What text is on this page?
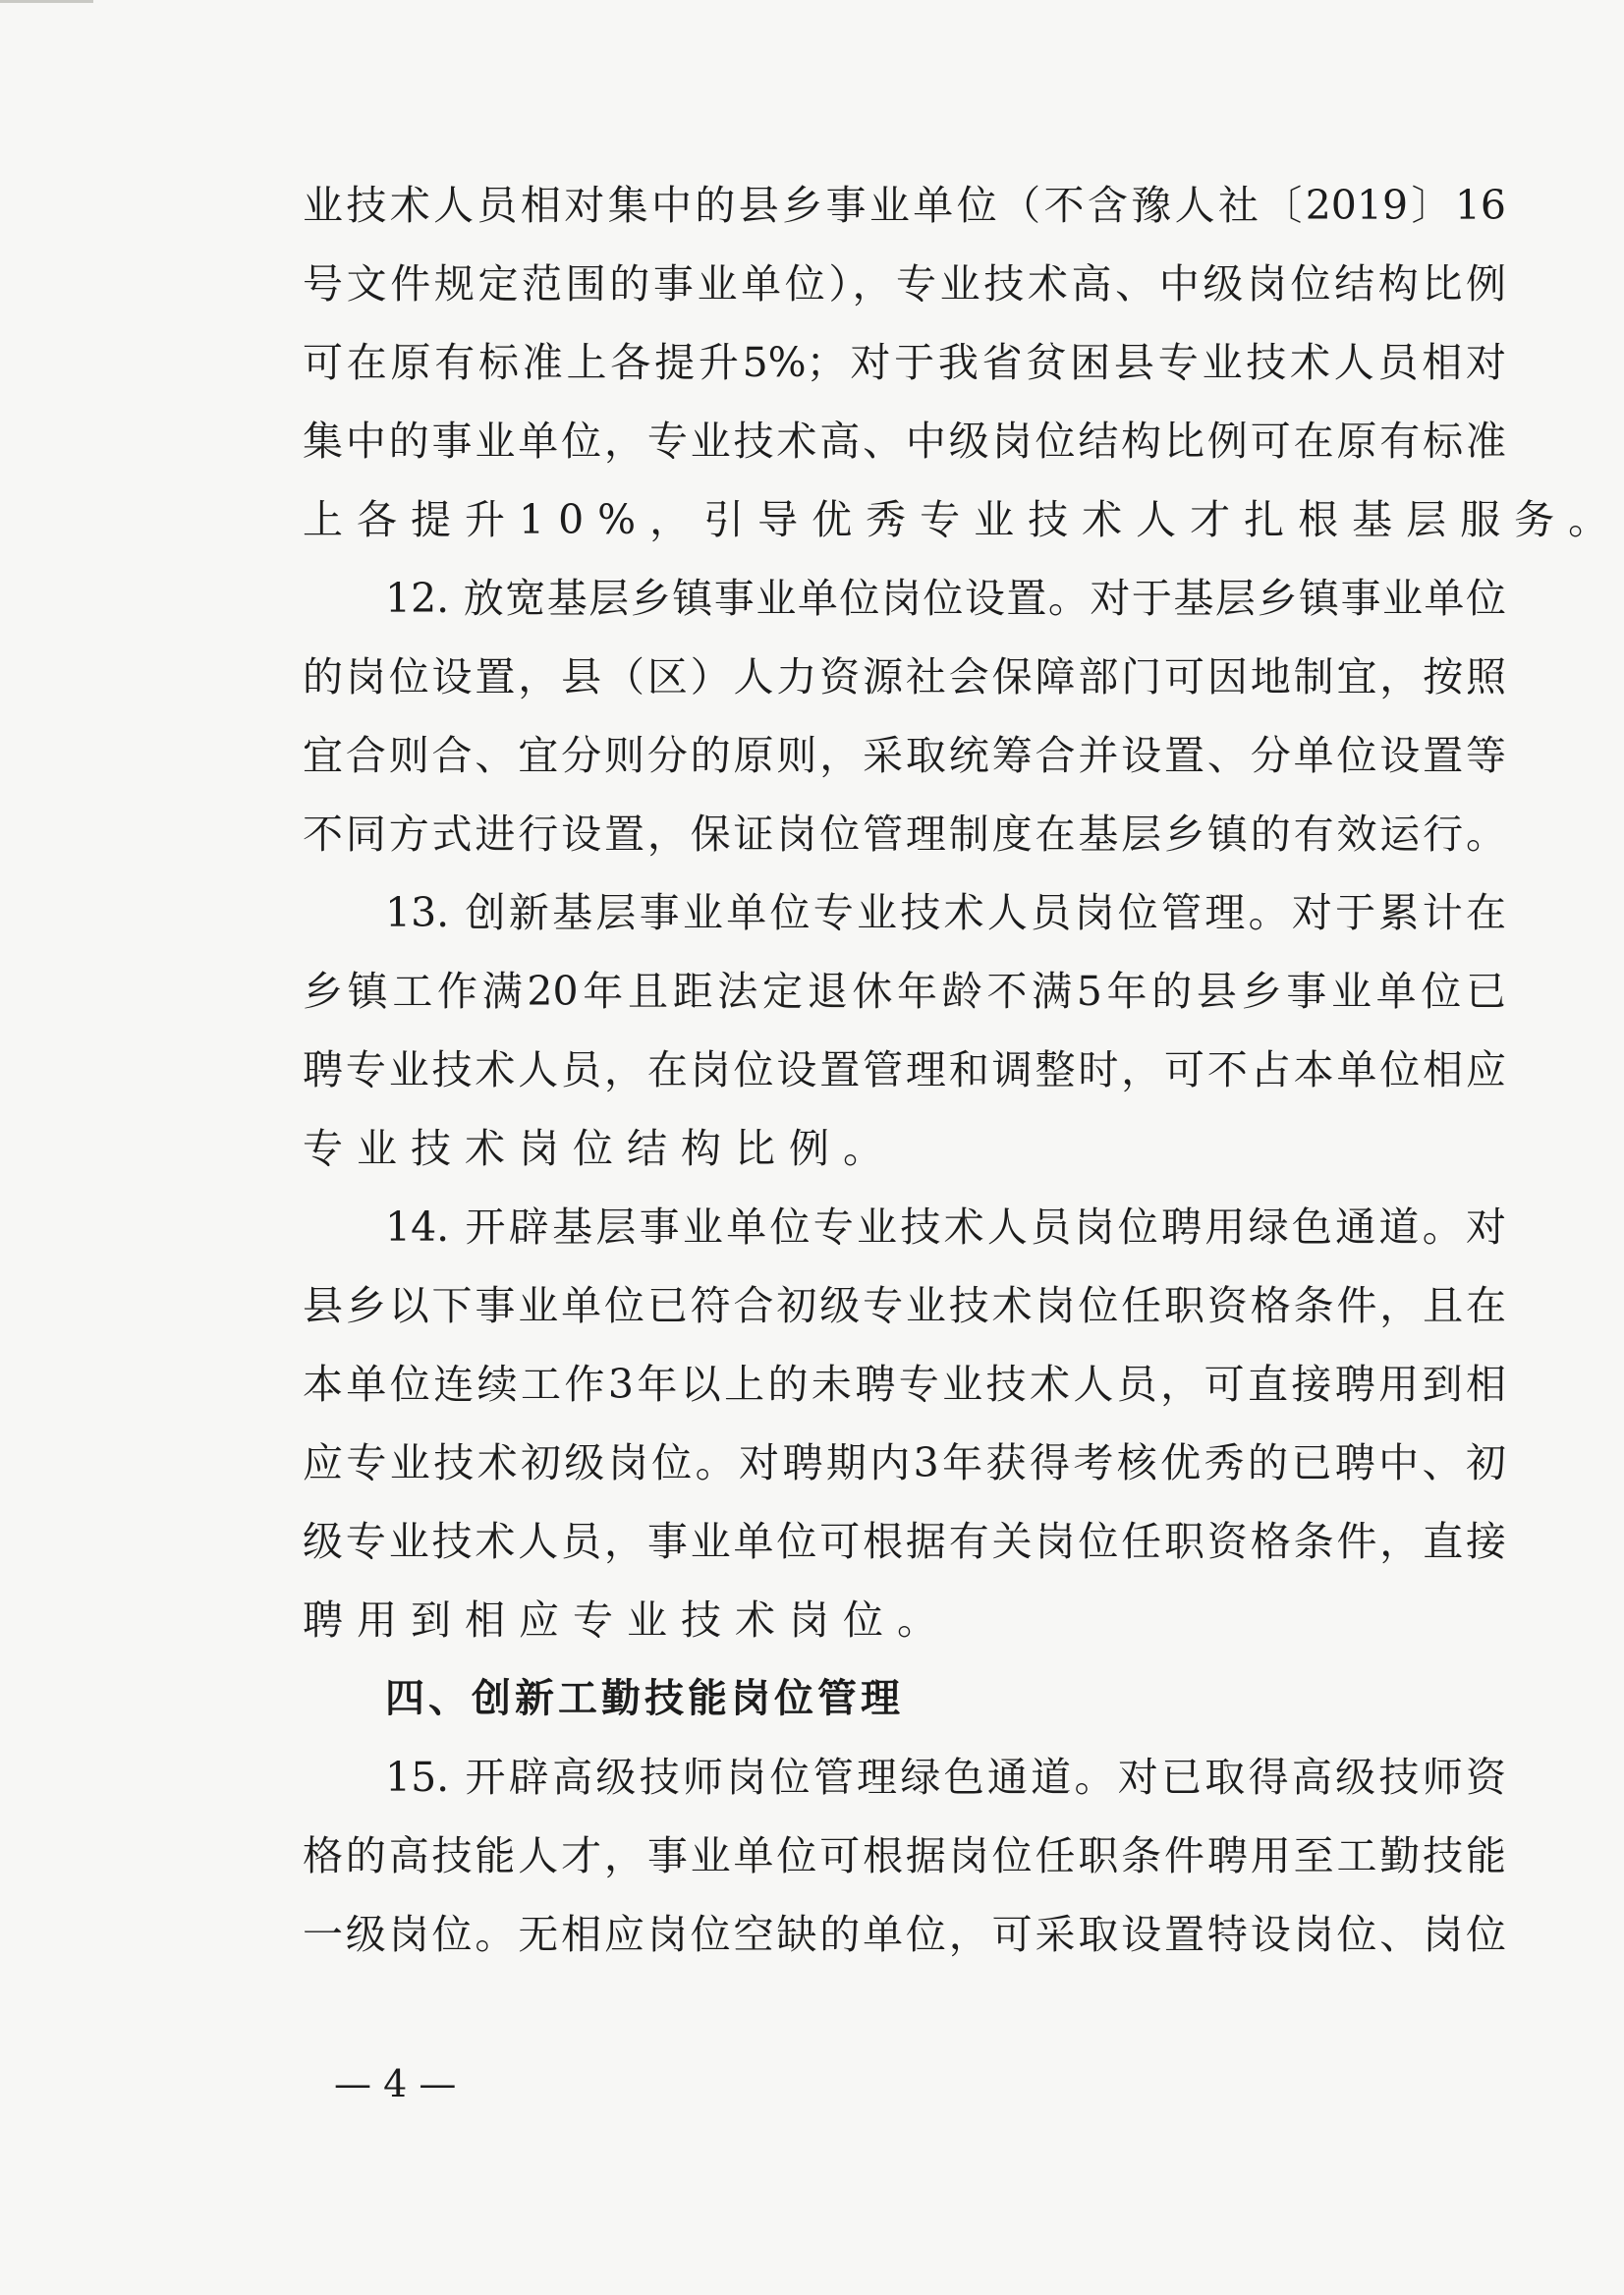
业技术人员相对集中的县乡事业单位（不含豫人社〔2019〕16
号文件规定范围的事业单位），专业技术高、中级岗位结构比例
可在原有标准上各提升5%；对于我省贫困县专业技术人员相对
集中的事业单位，专业技术高、中级岗位结构比例可在原有标准
上各提升10%，引导优秀专业技术人才扎根基层服务。
12. 放宽基层乡镇事业单位岗位设置。对于基层乡镇事业单位
的岗位设置，县（区）人力资源社会保障部门可因地制宜，按照
宜合则合、宜分则分的原则，采取统筹合并设置、分单位设置等
不同方式进行设置，保证岗位管理制度在基层乡镇的有效运行。
13. 创新基层事业单位专业技术人员岗位管理。对于累计在
乡镇工作满20年且距法定退休年龄不满5年的县乡事业单位已
聘专业技术人员，在岗位设置管理和调整时，可不占本单位相应
专业技术岗位结构比例。
14. 开辟基层事业单位专业技术人员岗位聘用绿色通道。对
县乡以下事业单位已符合初级专业技术岗位任职资格条件，且在
本单位连续工作3年以上的未聘专业技术人员，可直接聘用到相
应专业技术初级岗位。对聘期内3年获得考核优秀的已聘中、初
级专业技术人员，事业单位可根据有关岗位任职资格条件，直接
聘用到相应专业技术岗位。
四、创新工勤技能岗位管理
15. 开辟高级技师岗位管理绿色通道。对已取得高级技师资
格的高技能人才，事业单位可根据岗位任职条件聘用至工勤技能
一级岗位。无相应岗位空缺的单位，可采取设置特设岗位、岗位
— 4 —
